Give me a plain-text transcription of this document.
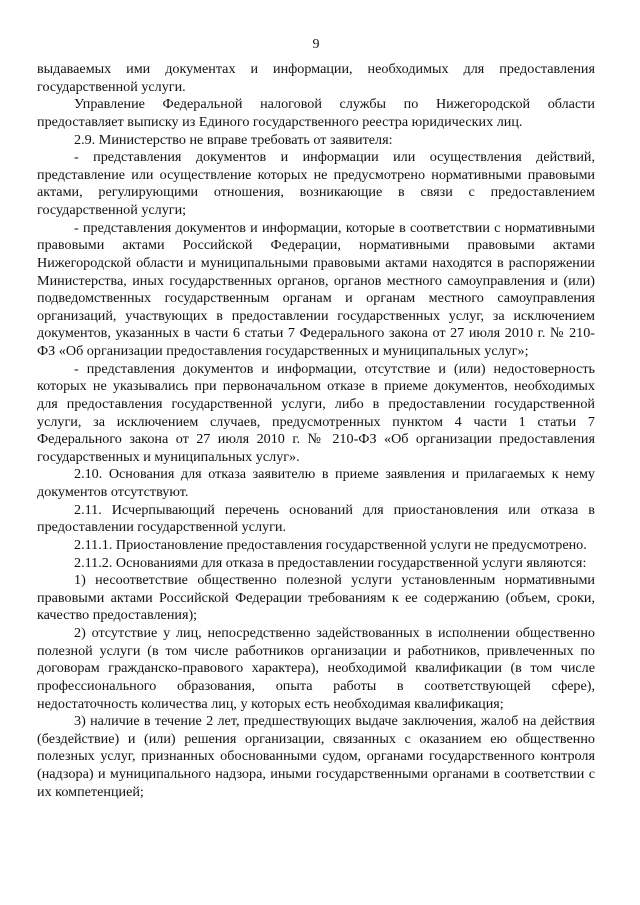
9

выдаваемых ими документах и информации, необходимых для предоставления государственной услуги.

Управление Федеральной налоговой службы по Нижегородской области предоставляет выписку из Единого государственного реестра юридических лиц.

2.9. Министерство не вправе требовать от заявителя:

- представления документов и информации или осуществления действий, представление или осуществление которых не предусмотрено нормативными правовыми актами, регулирующими отношения, возникающие в связи с предоставлением государственной услуги;

- представления документов и информации, которые в соответствии с нормативными правовыми актами Российской Федерации, нормативными правовыми актами Нижегородской области и муниципальными правовыми актами находятся в распоряжении Министерства, иных государственных органов, органов местного самоуправления и (или) подведомственных государственным органам и органам местного самоуправления организаций, участвующих в предоставлении государственных услуг, за исключением документов, указанных в части 6 статьи 7 Федерального закона от 27 июля 2010 г. № 210-ФЗ «Об организации предоставления государственных и муниципальных услуг»;

- представления документов и информации, отсутствие и (или) недостоверность которых не указывались при первоначальном отказе в приеме документов, необходимых для предоставления государственной услуги, либо в предоставлении государственной услуги, за исключением случаев, предусмотренных пунктом 4 части 1 статьи 7 Федерального закона от 27 июля 2010 г. № 210-ФЗ «Об организации предоставления государственных и муниципальных услуг».

2.10. Основания для отказа заявителю в приеме заявления и прилагаемых к нему документов отсутствуют.

2.11. Исчерпывающий перечень оснований для приостановления или отказа в предоставлении государственной услуги.

2.11.1. Приостановление предоставления государственной услуги не предусмотрено.

2.11.2. Основаниями для отказа в предоставлении государственной услуги являются:

1) несоответствие общественно полезной услуги установленным нормативными правовыми актами Российской Федерации требованиям к ее содержанию (объем, сроки, качество предоставления);

2) отсутствие у лиц, непосредственно задействованных в исполнении общественно полезной услуги (в том числе работников организации и работников, привлеченных по договорам гражданско-правового характера), необходимой квалификации (в том числе профессионального образования, опыта работы в соответствующей сфере), недостаточность количества лиц, у которых есть необходимая квалификация;

3) наличие в течение 2 лет, предшествующих выдаче заключения, жалоб на действия (бездействие) и (или) решения организации, связанных с оказанием ею общественно полезных услуг, признанных обоснованными судом, органами государственного контроля (надзора) и муниципального надзора, иными государственными органами в соответствии с их компетенцией;
